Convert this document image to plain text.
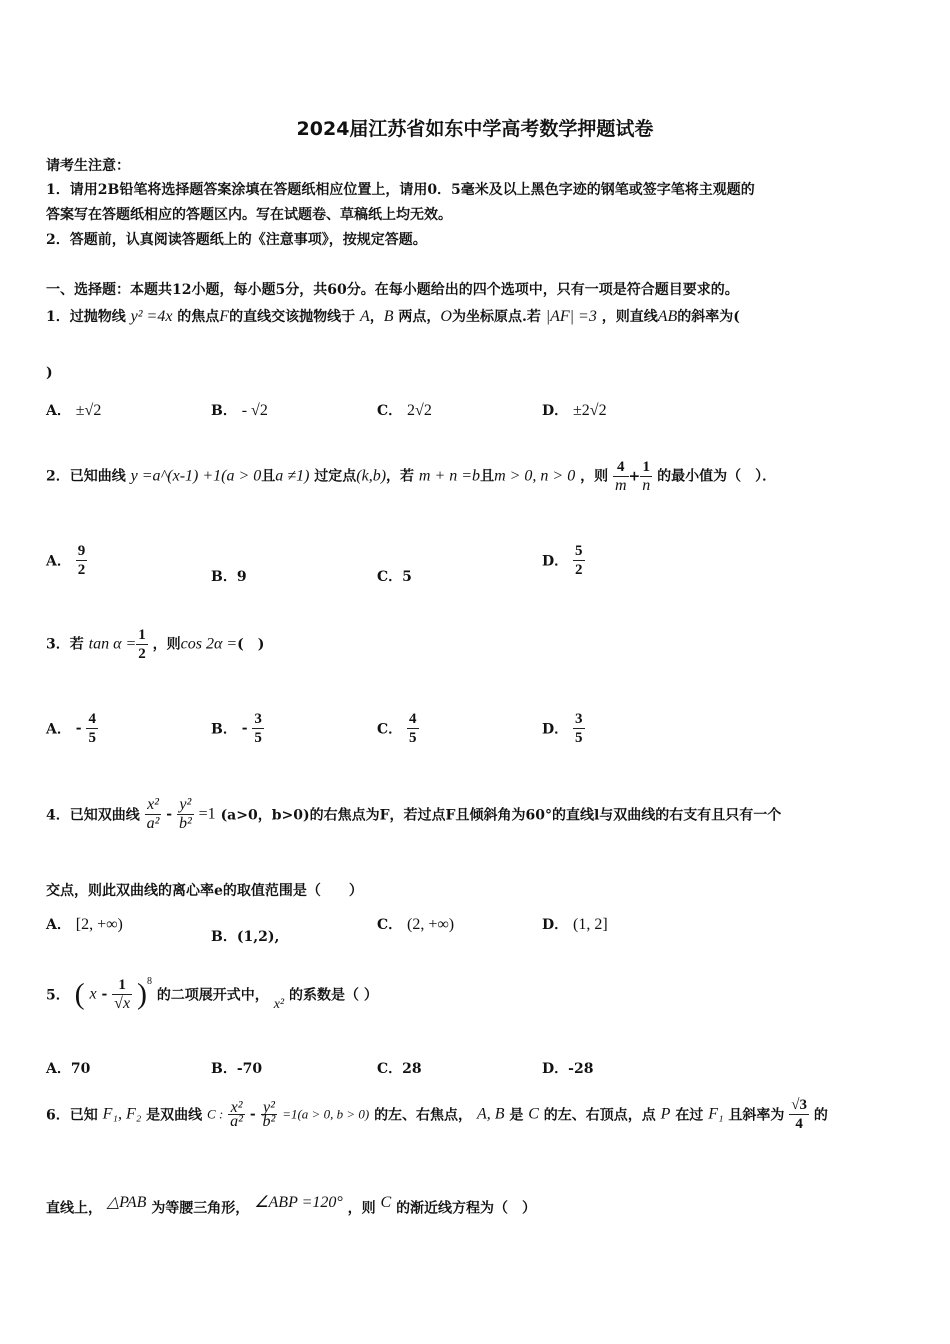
2024届江苏省如东中学高考数学押题试卷
请考生注意：
1．请用2B铅笔将选择题答案涂填在答题纸相应位置上，请用0．5毫米及以上黑色字迹的钢笔或签字笔将主观题的
答案写在答题纸相应的答题区内。写在试题卷、草稿纸上均无效。
2．答题前，认真阅读答题纸上的《注意事项》，按规定答题。
一、选择题：本题共12小题，每小题5分，共60分。在每小题给出的四个选项中，只有一项是符合题目要求的。
1．过抛物线 y² =4x 的焦点F的直线交该抛物线于 A，B 两点，O为坐标原点.若 |AF| =3 ，则直线AB的斜率为(
)
A． ±√2	B． - √2	C． 2√2	D． ±2√2
2．已知曲线 y =a^(x-1) +1(a > 0且a ≠1) 过定点(k,b)，若 m + n =b且m > 0, n > 0 ，则 $\frac{4}{m} + \frac{1}{n}$ 的最小值为（　）．
A． $\frac{9}{2}$	B．9	C．5
D． $\frac{5}{2}$
3．若 $\tan \alpha = \frac{1}{2}$ ，则cos 2α =(　)
A． - $\frac{4}{5}$	B． - $\frac{3}{5}$	C． $\frac{4}{5}$	D． $\frac{3}{5}$
4．已知双曲线 $\frac{\text{x²}}{\text{a²}} - \frac{\text{y²}}{\text{b²}} =1$ (a>0，b>0)的右焦点为F，若过点F且倾斜角为60°的直线l与双曲线的右支有且只有一个
交点，则此双曲线的离心率e的取值范围是（　　）
A． [2, +∞)
B．(1,2),
C． (2, +∞)	D． (1, 2]
5． ( x - $\frac{1}{√x} )^8$ 的二项展开式中， x² 的系数是（ ）
A．70	B．-70	C．28	D．-28
6．已知 F₁, F₂ 是双曲线 C : $\frac{\text{x²}}{\text{a²}} - \frac{\text{y²}}{\text{b²}} =1(a > 0$, b > 0) 的左、右焦点， A, B 是 C 的左、右顶点，点 P 在过 F₁ 且斜率为 $\frac{√3}{4}$ 的
直线上， △PAB 为等腰三角形， ∠ABP =120° ，则 C 的渐近线方程为（　）
